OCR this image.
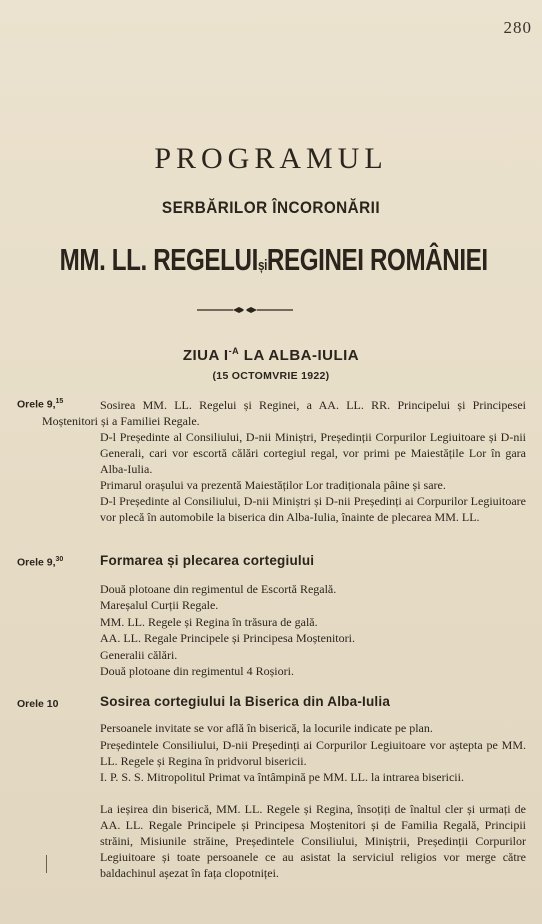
280
PROGRAMUL
SERBĂRILOR ÎNCORONĂRII
MM. LL. REGELUIșiREGINEI ROMÂNIEI
ZIUA $I^{-A}$ LA ALBA-IULIA
(15 OCTOMVRIE 1922)
Orele 9,15	Sosirea MM. LL. Regelui și Reginei, a AA. LL. RR. Principelui și Principesei Moștenitori și a Familiei Regale.

D-l Președinte al Consiliului, D-nii Miniștri, Președinții Corpurilor Legiuitoare și D-nii Generali, cari vor escortă călări cortegiul regal, vor primi pe Maiestățile Lor în gara Alba-Iulia.

Primarul orașului va prezentă Maiestăților Lor tradiționala pâine și sare.

D-l Președinte al Consiliului, D-nii Miniștri și D-nii Președinți ai Corpurilor Legiuitoare vor plecă în automobile la biserica din Alba-Iulia, înainte de plecarea MM. LL.

Orele 9,30	Formarea și plecarea cortegiului
Două plotoane din regimentul de Escortă Regală.
Mareșalul Curții Regale.
MM. LL. Regele și Regina în trăsura de gală.
AA. LL. Regale Principele și Principesa Moștenitori.
Generalii călări.
Două plotoane din regimentul 4 Roșiori.
Orele 10	Sosirea cortegiului la Biserica din Alba-Iulia

Persoanele invitate se vor află în biserică, la locurile indicate pe plan.

Președintele Consiliului, D-nii Președinți ai Corpurilor Legiuitoare vor aștepta pe MM. LL. Regele și Regina în pridvorul bisericii.

I. P. S. S. Mitropolitul Primat va întâmpină pe MM. LL. la intrarea bisericii.

La ieșirea din biserică, MM. LL. Regele și Regina, însoțiți de înaltul cler și urmați de AA. LL. Regale Principele și Principesa Moștenitori și de Familia Regală, Principii străini, Misiunile străine, Președintele Consiliului, Miniștrii, Președinții Corpurilor Legiuitoare și toate persoanele ce au asistat la serviciul religios vor merge către baldachinul așezat în fața clopotniței.
